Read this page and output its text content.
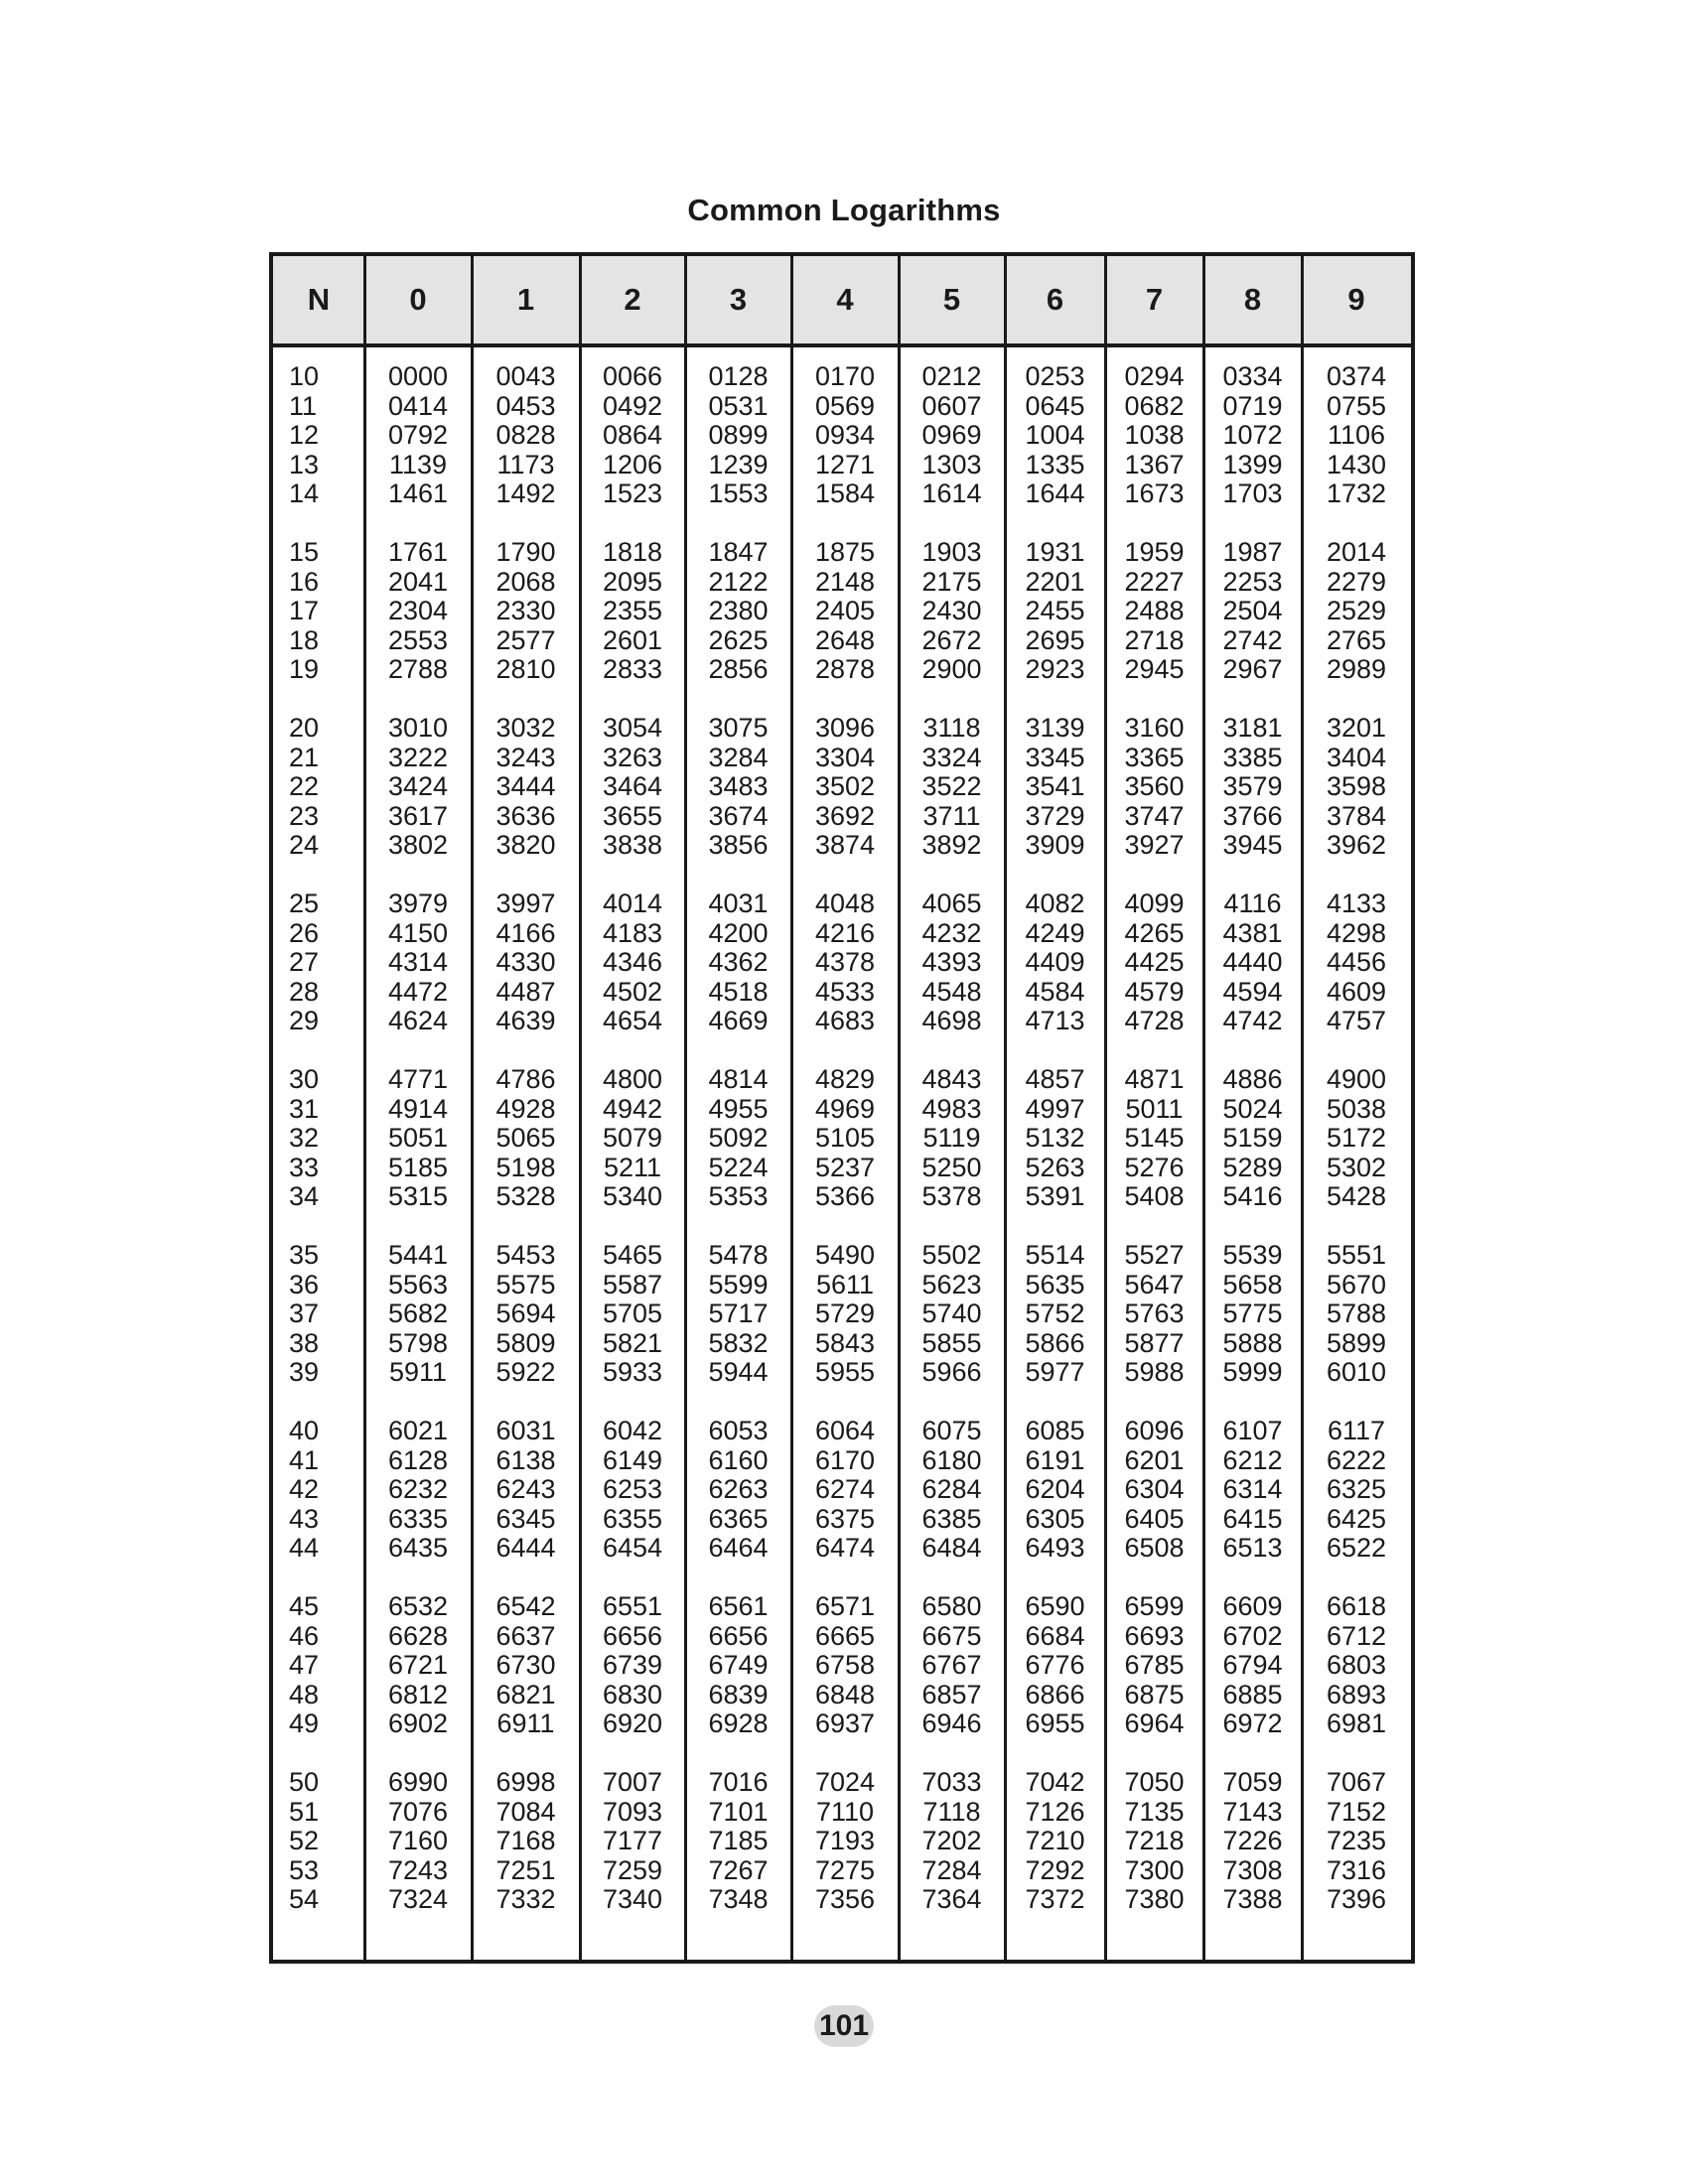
Common Logarithms
N	0	1	2	3	4	5	6	7	8	9
10	0000	0043	0066	0128	0170	0212	0253	0294	0334	0374
11	0414	0453	0492	0531	0569	0607	0645	0682	0719	0755
12	0792	0828	0864	0899	0934	0969	1004	1038	1072	1106
13	1139	1173	1206	1239	1271	1303	1335	1367	1399	1430
14	1461	1492	1523	1553	1584	1614	1644	1673	1703	1732
15	1761	1790	1818	1847	1875	1903	1931	1959	1987	2014
16	2041	2068	2095	2122	2148	2175	2201	2227	2253	2279
17	2304	2330	2355	2380	2405	2430	2455	2488	2504	2529
18	2553	2577	2601	2625	2648	2672	2695	2718	2742	2765
19	2788	2810	2833	2856	2878	2900	2923	2945	2967	2989
20	3010	3032	3054	3075	3096	3118	3139	3160	3181	3201
21	3222	3243	3263	3284	3304	3324	3345	3365	3385	3404
22	3424	3444	3464	3483	3502	3522	3541	3560	3579	3598
23	3617	3636	3655	3674	3692	3711	3729	3747	3766	3784
24	3802	3820	3838	3856	3874	3892	3909	3927	3945	3962
25	3979	3997	4014	4031	4048	4065	4082	4099	4116	4133
26	4150	4166	4183	4200	4216	4232	4249	4265	4381	4298
27	4314	4330	4346	4362	4378	4393	4409	4425	4440	4456
28	4472	4487	4502	4518	4533	4548	4584	4579	4594	4609
29	4624	4639	4654	4669	4683	4698	4713	4728	4742	4757
30	4771	4786	4800	4814	4829	4843	4857	4871	4886	4900
31	4914	4928	4942	4955	4969	4983	4997	5011	5024	5038
32	5051	5065	5079	5092	5105	5119	5132	5145	5159	5172
33	5185	5198	5211	5224	5237	5250	5263	5276	5289	5302
34	5315	5328	5340	5353	5366	5378	5391	5408	5416	5428
35	5441	5453	5465	5478	5490	5502	5514	5527	5539	5551
36	5563	5575	5587	5599	5611	5623	5635	5647	5658	5670
37	5682	5694	5705	5717	5729	5740	5752	5763	5775	5788
38	5798	5809	5821	5832	5843	5855	5866	5877	5888	5899
39	5911	5922	5933	5944	5955	5966	5977	5988	5999	6010
40	6021	6031	6042	6053	6064	6075	6085	6096	6107	6117
41	6128	6138	6149	6160	6170	6180	6191	6201	6212	6222
42	6232	6243	6253	6263	6274	6284	6204	6304	6314	6325
43	6335	6345	6355	6365	6375	6385	6305	6405	6415	6425
44	6435	6444	6454	6464	6474	6484	6493	6508	6513	6522
45	6532	6542	6551	6561	6571	6580	6590	6599	6609	6618
46	6628	6637	6656	6656	6665	6675	6684	6693	6702	6712
47	6721	6730	6739	6749	6758	6767	6776	6785	6794	6803
48	6812	6821	6830	6839	6848	6857	6866	6875	6885	6893
49	6902	6911	6920	6928	6937	6946	6955	6964	6972	6981
50	6990	6998	7007	7016	7024	7033	7042	7050	7059	7067
51	7076	7084	7093	7101	7110	7118	7126	7135	7143	7152
52	7160	7168	7177	7185	7193	7202	7210	7218	7226	7235
53	7243	7251	7259	7267	7275	7284	7292	7300	7308	7316
54	7324	7332	7340	7348	7356	7364	7372	7380	7388	7396
101
